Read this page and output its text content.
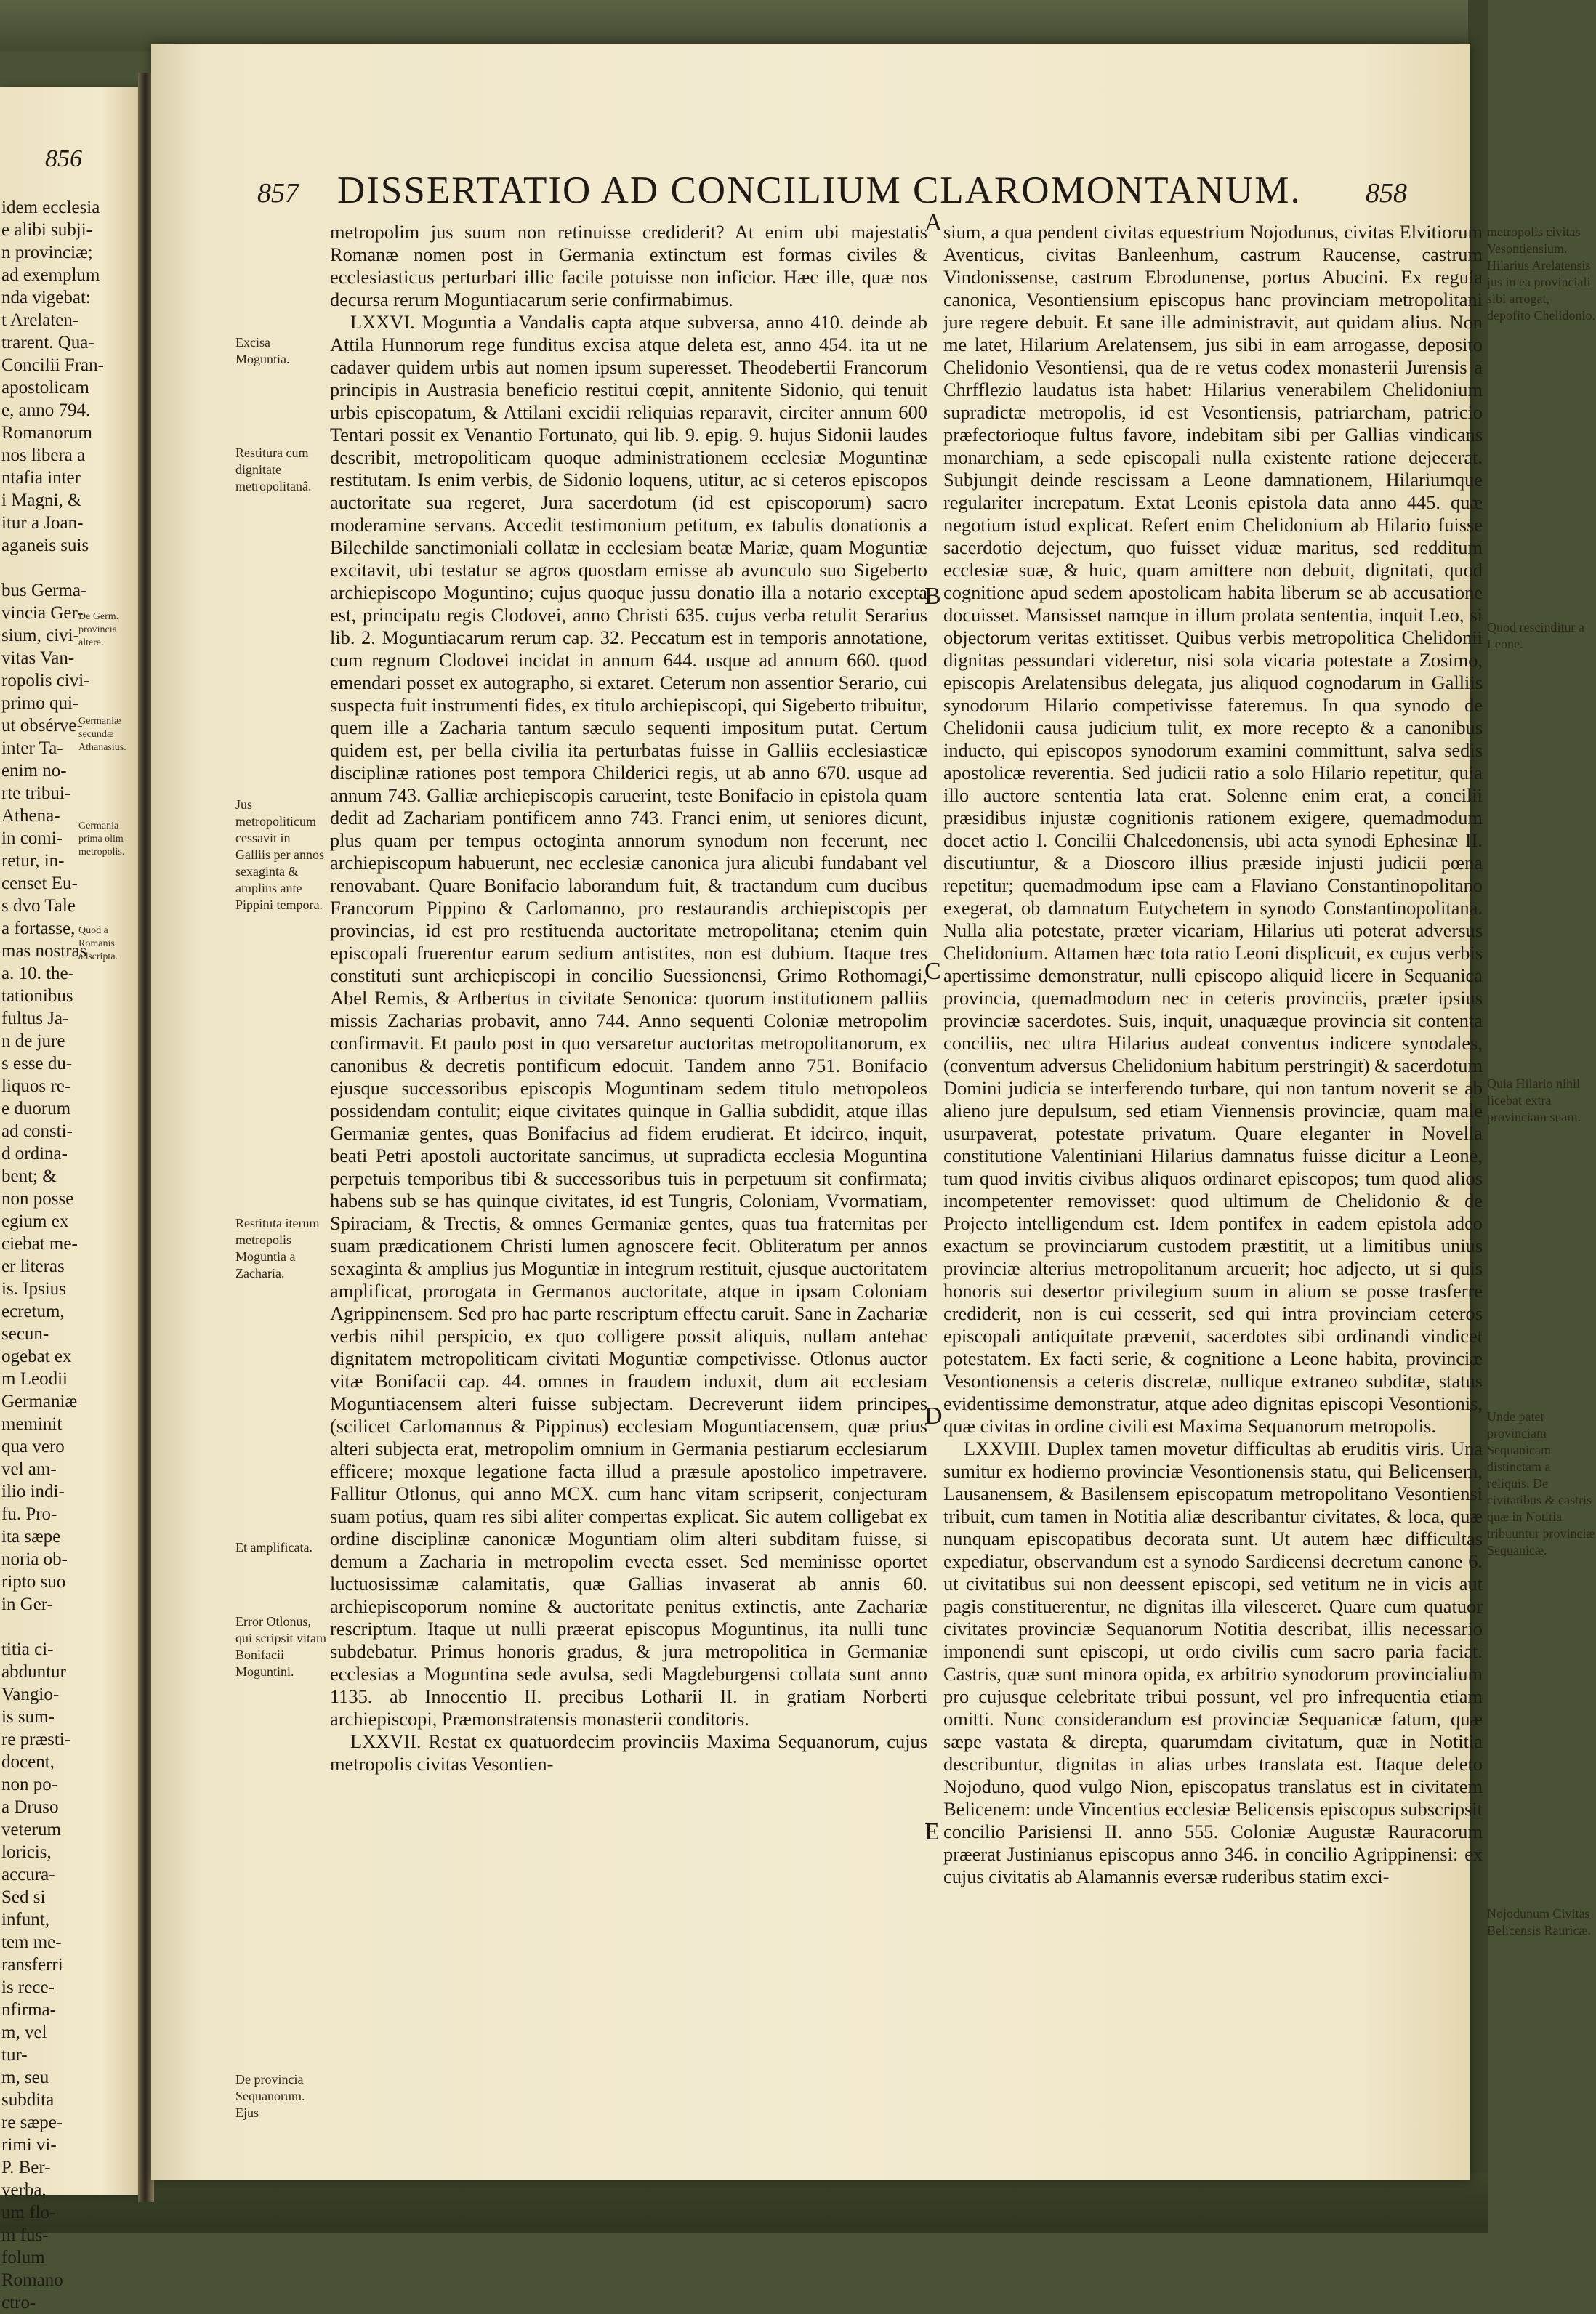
856
idem ecclesia
e alibi subji-
n provinciæ;
ad exemplum
nda vigebat:
t Arelaten-
trarent. Qua-
Concilii Fran-
apostolicam
e, anno 794.
Romanorum
nos libera a
ntafia inter
i Magni, &
itur a Joan-
aganeis suis

bus Germa-
vincia Ger-
sium, civi-
vitas Van-
ropolis civi-
primo qui-
ut obsérve-
inter Ta-
enim no-
rte tribui-
Athena-
in comi-
retur, in-
censet Eu-
s dvo Tale
a fortasse,
mas nostras
a. 10. the-
tationibus
fultus Ja-
n de jure
s esse du-
liquos re-
e duorum
ad consti-
d ordina-
bent; &
non posse
egium ex
ciebat me-
er literas
is. Ipsius
ecretum,
secun-
ogebat ex
m Leodii
Germaniæ
meminit
qua vero
vel am-
ilio indi-
fu. Pro-
ita sæpe
noria ob-
ripto suo
in Ger-

titia ci-
abduntur
Vangio-
is sum-
re præsti-
docent,
non po-
a Druso
veterum
loricis,
accura-
Sed si
infunt,
tem me-
ransferri
is rece-
nfirma-
m, vel
tur-
m, seu
subdita
re sæpe-
rimi vi-
P. Ber-
verba,
um flo-
m fus-
folum
Romano
ctro-
De Germ. provincia altera.
Germaniæ secundæ Athanasius.
Germania prima olim metropolis.
Quod a Romanis adscripta.
857 DISSERTATIO AD CONCILIUM CLAROMONTANUM. 858

metropolim jus suum non retinuisse crediderit? At enim ubi majestatis Romanæ nomen post in Germania extinctum est formas civiles & ecclesiasticus perturbari illic facile potuisse non inficior. Hæc ille, quæ nos decursa rerum Moguntiacarum serie confirmabimus.

LXXVI. Moguntia a Vandalis capta atque subversa, anno 410. deinde ab Attila Hunnorum rege funditus excisa atque deleta est, anno 454. ita ut ne cadaver quidem urbis aut nomen ipsum superesset. Theodebertii Francorum principis in Austrasia beneficio restitui cœpit, annitente Sidonio, qui tenuit urbis episcopatum, & Attilani excidii reliquias reparavit, circiter annum 600 Tentari possit ex Venantio Fortunato, qui lib. 9. epig. 9. hujus Sidonii laudes describit, metropoliticam quoque administrationem ecclesiæ Moguntinæ restitutam. Is enim verbis, de Sidonio loquens, utitur, ac si ceteros episcopos auctoritate sua regeret, Jura sacerdotum (id est episcoporum) sacro moderamine servans. Accedit testimonium petitum, ex tabulis donationis a Bilechilde sanctimoniali collatæ in ecclesiam beatæ Mariæ, quam Moguntiæ excitavit, ubi testatur se agros quosdam emisse ab avunculo suo Sigeberto archiepiscopo Moguntino; cujus quoque jussu donatio illa a notario excepta est, principatu regis Clodovei, anno Christi 635. cujus verba retulit Serarius lib. 2. Moguntiacarum rerum cap. 32. Peccatum est in temporis annotatione, cum regnum Clodovei incidat in annum 644. usque ad annum 660. quod emendari posset ex autographo, si extaret. Ceterum non assentior Serario, cui suspecta fuit instrumenti fides, ex titulo archiepiscopi, qui Sigeberto tribuitur, quem ille a Zacharia tantum sæculo sequenti impositum putat. Certum quidem est, per bella civilia ita perturbatas fuisse in Galliis ecclesiasticæ disciplinæ rationes post tempora Childerici regis, ut ab anno 670. usque ad annum 743. Galliæ archiepiscopis caruerint, teste Bonifacio in epistola quam dedit ad Zachariam pontificem anno 743. Franci enim, ut seniores dicunt, plus quam per tempus octoginta annorum synodum non fecerunt, nec archiepiscopum habuerunt, nec ecclesiæ canonica jura alicubi fundabant vel renovabant. Quare Bonifacio laborandum fuit, & tractandum cum ducibus Francorum Pippino & Carlomanno, pro restaurandis archiepiscopis per provincias, id est pro restituenda auctoritate metropolitana; etenim quin episcopali fruerentur earum sedium antistites, non est dubium. Itaque tres constituti sunt archiepiscopi in concilio Suessionensi, Grimo Rothomagi, Abel Remis, & Artbertus in civitate Senonica: quorum institutionem palliis missis Zacharias probavit, anno 744. Anno sequenti Coloniæ metropolim confirmavit. Et paulo post in quo versaretur auctoritas metropolitanorum, ex canonibus & decretis pontificum edocuit. Tandem anno 751. Bonifacio ejusque successoribus episcopis Moguntinam sedem titulo metropoleos possidendam contulit; eique civitates quinque in Gallia subdidit, atque illas Germaniæ gentes, quas Bonifacius ad fidem erudierat. Et idcirco, inquit, beati Petri apostoli auctoritate sancimus, ut supradicta ecclesia Moguntina perpetuis temporibus tibi & successoribus tuis in perpetuum sit confirmata; habens sub se has quinque civitates, id est Tungris, Coloniam, Vvormatiam, Spiraciam, & Trectis, & omnes Germaniæ gentes, quas tua fraternitas per suam prædicationem Christi lumen agnoscere fecit. Obliteratum per annos sexaginta & amplius jus Moguntiæ in integrum restituit, ejusque auctoritatem amplificat, prorogata in Germanos auctoritate, atque in ipsam Coloniam Agrippinensem. Sed pro hac parte rescriptum effectu caruit. Sane in Zachariæ verbis nihil perspicio, ex quo colligere possit aliquis, nullam antehac dignitatem metropoliticam civitati Moguntiæ competivisse. Otlonus auctor vitæ Bonifacii cap. 44. omnes in fraudem induxit, dum ait ecclesiam Moguntiacensem alteri fuisse subjectam. Decreverunt iidem principes (scilicet Carlomannus & Pippinus) ecclesiam Moguntiacensem, quæ prius alteri subjecta erat, metropolim omnium in Germania pestiarum ecclesiarum efficere; moxque legatione facta illud a præsule apostolico impetravere. Fallitur Otlonus, qui anno MCX. cum hanc vitam scripserit, conjecturam suam potius, quam res sibi aliter compertas explicat. Sic autem colligebat ex ordine disciplinæ canonicæ Moguntiam olim alteri subditam fuisse, si demum a Zacharia in metropolim evecta esset. Sed meminisse oportet luctuosissimæ calamitatis, quæ Gallias invaserat ab annis 60. archiepiscoporum nomine & auctoritate penitus extinctis, ante Zachariæ rescriptum. Itaque ut nulli præerat episcopus Moguntinus, ita nulli tunc subdebatur. Primus honoris gradus, & jura metropolitica in Germaniæ ecclesias a Moguntina sede avulsa, sedi Magdeburgensi collata sunt anno 1135. ab Innocentio II. precibus Lotharii II. in gratiam Norberti archiepiscopi, Præmonstratensis monasterii conditoris.

LXXVII. Restat ex quatuordecim provinciis Maxima Sequanorum, cujus metropolis civitas Vesontien-

sium, a qua pendent civitas equestrium Nojodunus, civitas Elvitiorum Aventicus, civitas Banleenhum, castrum Raucense, castrum Vindonissense, castrum Ebrodunense, portus Abucini. Ex regula canonica, Vesontiensium episcopus hanc provinciam metropolitani jure regere debuit. Et sane ille administravit, aut quidam alius. Non me latet, Hilarium Arelatensem, jus sibi in eam arrogasse, deposito Chelidonio Vesontiensi, qua de re vetus codex monasterii Jurensis a Chrfflezio laudatus ista habet: Hilarius venerabilem Chelidonium supradictæ metropolis, id est Vesontiensis, patriarcham, patricio præfectorioque fultus favore, indebitam sibi per Gallias vindicans monarchiam, a sede episcopali nulla existente ratione dejecerat. Subjungit deinde rescissam a Leone damnationem, Hilariumque regulariter increpatum. Extat Leonis epistola data anno 445. quæ negotium istud explicat. Refert enim Chelidonium ab Hilario fuisse sacerdotio dejectum, quo fuisset viduæ maritus, sed redditum ecclesiæ suæ, & huic, quam amittere non debuit, dignitati, quod cognitione apud sedem apostolicam habita liberum se ab accusatione docuisset. Mansisset namque in illum prolata sententia, inquit Leo, si objectorum veritas extitisset. Quibus verbis metropolitica Chelidonii dignitas pessundari videretur, nisi sola vicaria potestate a Zosimo, episcopis Arelatensibus delegata, jus aliquod cognodarum in Galliis synodorum Hilario competivisse fateremus. In qua synodo de Chelidonii causa judicium tulit, ex more recepto & a canonibus inducto, qui episcopos synodorum examini committunt, salva sedis apostolicæ reverentia. Sed judicii ratio a solo Hilario repetitur, quia illo auctore sententia lata erat. Solenne enim erat, a concilii præsidibus injustæ cognitionis rationem exigere, quemadmodum docet actio I. Concilii Chalcedonensis, ubi acta synodi Ephesinæ II. discutiuntur, & a Dioscoro illius præside injusti judicii pœna repetitur; quemadmodum ipse eam a Flaviano Constantinopolitano exegerat, ob damnatum Eutychetem in synodo Constantinopolitana. Nulla alia potestate, præter vicariam, Hilarius uti poterat adversus Chelidonium. Attamen hæc tota ratio Leoni displicuit, ex cujus verbis apertissime demonstratur, nulli episcopo aliquid licere in Sequanica provincia, quemadmodum nec in ceteris provinciis, præter ipsius provinciæ sacerdotes. Suis, inquit, unaquæque provincia sit contenta conciliis, nec ultra Hilarius audeat conventus indicere synodales, (conventum adversus Chelidonium habitum perstringit) & sacerdotum Domini judicia se interferendo turbare, qui non tantum noverit se ab alieno jure depulsum, sed etiam Viennensis provinciæ, quam male usurpaverat, potestate privatum. Quare eleganter in Novella constitutione Valentiniani Hilarius damnatus fuisse dicitur a Leone, tum quod invitis civibus aliquos ordinaret episcopos; tum quod alios incompetenter removisset: quod ultimum de Chelidonio & de Projecto intelligendum est. Idem pontifex in eadem epistola adeo exactum se provinciarum custodem præstitit, ut a limitibus unius provinciæ alterius metropolitanum arcuerit; hoc adjecto, ut si quis honoris sui desertor privilegium suum in alium se posse trasferre crediderit, non is cui cesserit, sed qui intra provinciam ceteros episcopali antiquitate prævenit, sacerdotes sibi ordinandi vindicet potestatem. Ex facti serie, & cognitione a Leone habita, provinciæ Vesontionensis a ceteris discretæ, nullique extraneo subditæ, status evidentissime demonstratur, atque adeo dignitas episcopi Vesontionis, quæ civitas in ordine civili est Maxima Sequanorum metropolis.

LXXVIII. Duplex tamen movetur difficultas ab eruditis viris. Una sumitur ex hodierno provinciæ Vesontionensis statu, qui Belicensem, Lausanensem, & Basilensem episcopatum metropolitano Vesontiensi tribuit, cum tamen in Notitia aliæ describantur civitates, & loca, quæ nunquam episcopatibus decorata sunt. Ut autem hæc difficultas expediatur, observandum est a synodo Sardicensi decretum canone 6. ut civitatibus sui non deessent episcopi, sed vetitum ne in vicis aut pagis constituerentur, ne dignitas illa vilesceret. Quare cum quatuor civitates provinciæ Sequanorum Notitia describat, illis necessario imponendi sunt episcopi, ut ordo civilis cum sacro paria faciat. Castris, quæ sunt minora opida, ex arbitrio synodorum provincialium pro cujusque celebritate tribui possunt, vel pro infrequentia etiam omitti. Nunc considerandum est provinciæ Sequanicæ fatum, quæ sæpe vastata & direpta, quarumdam civitatum, quæ in Notitia describuntur, dignitas in alias urbes translata est. Itaque deleto Nojoduno, quod vulgo Nion, episcopatus translatus est in civitatem Belicenem: unde Vincentius ecclesiæ Belicensis episcopus subscripsit concilio Parisiensi II. anno 555. Coloniæ Augustæ Rauracorum præerat Justinianus episcopus anno 346. in concilio Agrippinensi: ex cujus civitatis ab Alamannis eversæ ruderibus statim exci-

A
B
C
D
E
Excisa Moguntia.
Restitura cum dignitate metropolitanâ.
Jus metropoliticum cessavit in Galliis per annos sexaginta & amplius ante Pippini tempora.
Restituta iterum metropolis Moguntia a Zacharia.
Et amplificata.
Error Otlonus, qui scripsit vitam Bonifacii Moguntini.
De provincia Sequanorum. Ejus
metropolis civitas Vesontiensium. Hilarius Arelatensis jus in ea provinciali sibi arrogat, depofito Chelidonio.
Quod rescinditur a Leone.
Quia Hilario nihil licebat extra provinciam suam.
Unde patet provinciam Sequanicam distinctam a reliquis. De civitatibus & castris quæ in Notitia tribuuntur provinciæ Sequanicæ.
Nojodunum Civitas Belicensis Rauricæ.
